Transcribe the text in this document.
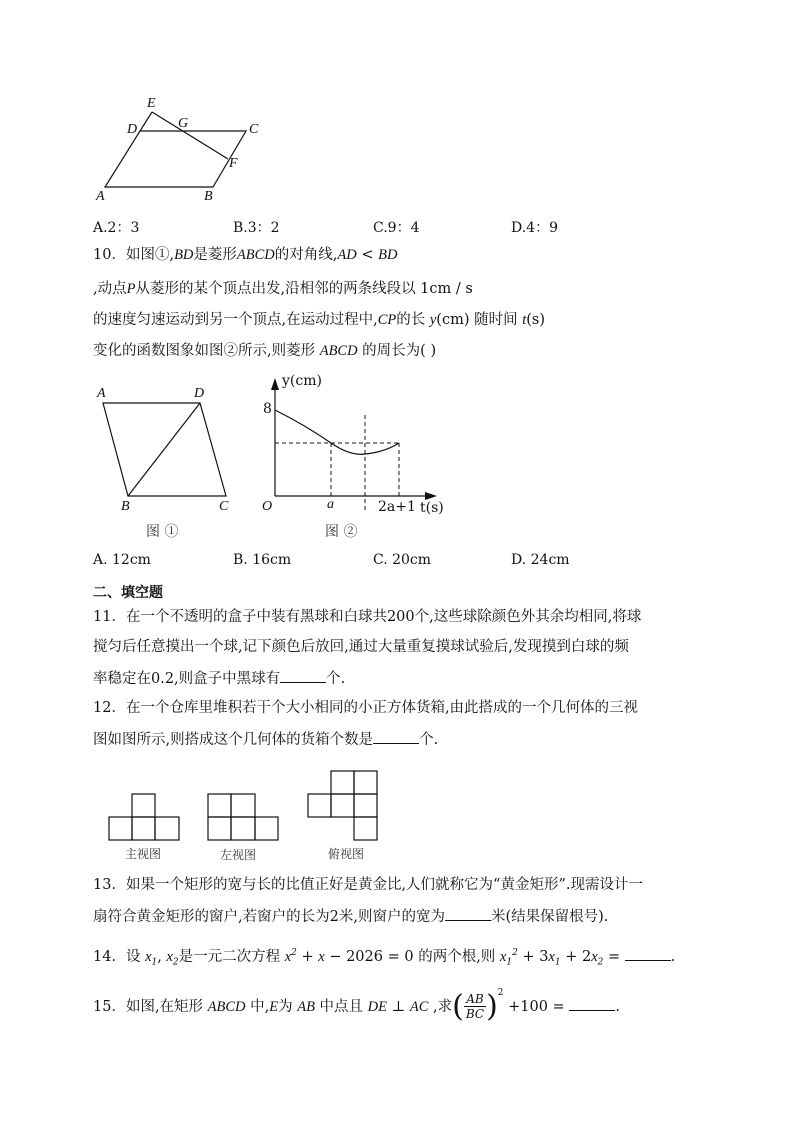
E
D	G	C
F
A	B
A.2：3	B.3：2	C.9：4	D.4：9
10．如图①,BD是菱形ABCD的对角线,AD < BD
,动点P从菱形的某个顶点出发,沿相邻的两条线段以 1cm / s
的速度匀速运动到另一个顶点,在运动过程中,CP的长 y(cm) 随时间 t(s)
变化的函数图象如图②所示,则菱形 ABCD 的周长为( )
A	D
B	C
图 ①
y(cm)
8
O	a	2a+1 t(s)
图 ②
A. 12cm	B. 16cm	C. 20cm	D. 24cm
二、填空题
11．在一个不透明的盒子中装有黑球和白球共200个,这些球除颜色外其余均相同,将球
搅匀后任意摸出一个球,记下颜色后放回,通过大量重复摸球试验后,发现摸到白球的频
率稳定在0.2,则盒子中黑球有	个.
12．在一个仓库里堆积若干个大小相同的小正方体货箱,由此搭成的一个几何体的三视
图如图所示,则搭成这个几何体的货箱个数是	个.
主视图	左视图	俯视图
13．如果一个矩形的宽与长的比值正好是黄金比,人们就称它为“黄金矩形”.现需设计一
扇符合黄金矩形的窗户,若窗户的长为2米,则窗户的宽为	米(结果保留根号).
14．设 $x_1$, $x_2$是一元二次方程 $x^2 + x - 2026 = 0$ 的两个根,则 $x_1^2 + 3x_1 + 2x_2$ =	.
15．如图,在矩形 ABCD 中,E为 AB 中点且 DE ⊥ AC ,求( $\frac{AB}{BC} )^2 +100$ =	.
